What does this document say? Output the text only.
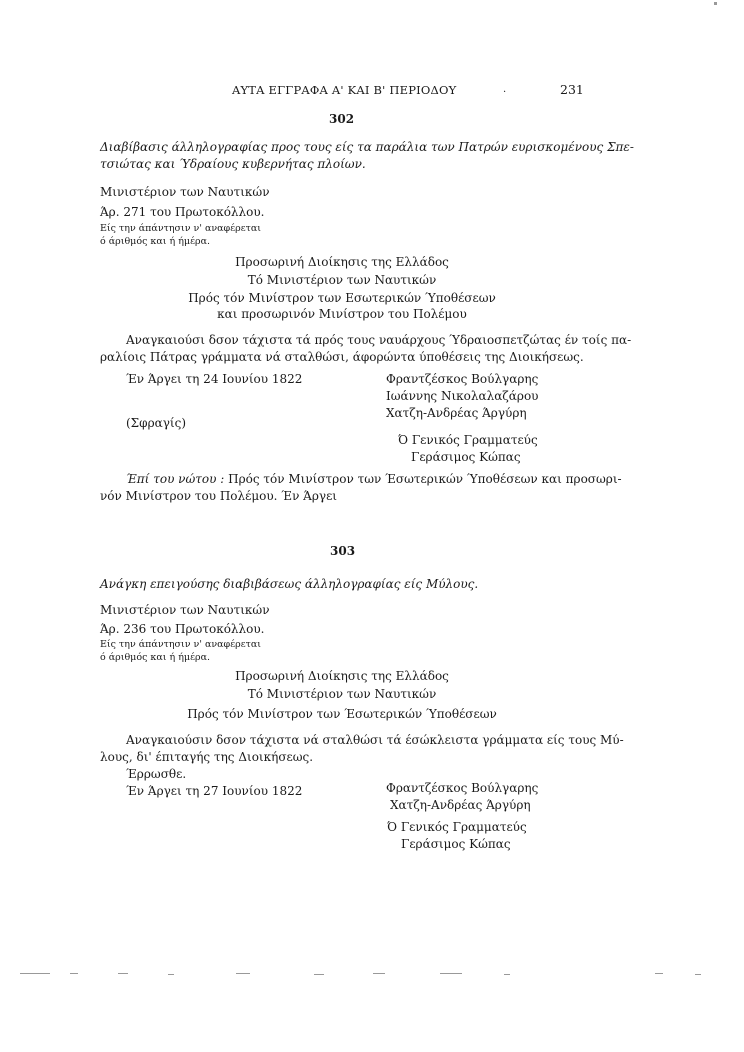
ΑΥΤΑ ΕΓΓΡΑΦΑ Α' ΚΑΙ Β' ΠΕΡΙΟΔΟΥ	231
.
302
Διαβίβασις άλληλογραφίας προς τους είς τα παράλια των Πατρών ευρισκομένους Σπε-
τσιώτας και Ύδραίους κυβερνήτας πλοίων.
Μινιστέριον των Ναυτικών
Άρ. 271 του Πρωτοκόλλου.
Είς την άπάντησιν ν' αναφέρεται
ό άριθμός και ή ήμέρα.
Προσωρινή Διοίκησις της Ελλάδος
Τό Μινιστέριον των Ναυτικών
Πρός τόν Μινίστρον των Εσωτερικών Ύποθέσεων
και προσωρινόν Μινίστρον του Πολέμου
Αναγκαιούσι δσον τάχιστα τά πρός τους ναυάρχους Ύδραιοσπετζώτας έν τοίς πα-
ραλίοις Πάτρας γράμματα νά σταλθώσι, άφορώντα ύποθέσεις της Διοικήσεως.
Έν Άργει τη 24 Ιουνίου 1822	Φραντζέσκος Βούλγαρης
Ιωάννης Νικολαλαζάρου
Χατζη-Ανδρέας Άργύρη
(Σφραγίς)
Ό Γενικός Γραμματεύς
Γεράσιμος Κώπας
Έπί του νώτου : Πρός τόν Μινίστρον των Έσωτερικών Ύποθέσεων και προσωρι-
νόν Μινίστρον του Πολέμου. Έν Άργει
303
Ανάγκη επειγούσης διαβιβάσεως άλληλογραφίας είς Μύλους.
Μινιστέριον των Ναυτικών
Άρ. 236 του Πρωτοκόλλου.
Είς την άπάντησιν ν' αναφέρεται
ό άριθμός και ή ήμέρα.
Προσωρινή Διοίκησις της Ελλάδος
Τό Μινιστέριον των Ναυτικών
Πρός τόν Μινίστρον των Έσωτερικών Ύποθέσεων
Αναγκαιούσιν δσον τάχιστα νά σταλθώσι τά έσώκλειστα γράμματα είς τους Μύ-
λους, δι' έπιταγής της Διοικήσεως.
Έρρωσθε.
Έν Άργει τη 27 Ιουνίου 1822	Φραντζέσκος Βούλγαρης
Χατζη-Ανδρέας Άργύρη
Ό Γενικός Γραμματεύς
Γεράσιμος Κώπας
